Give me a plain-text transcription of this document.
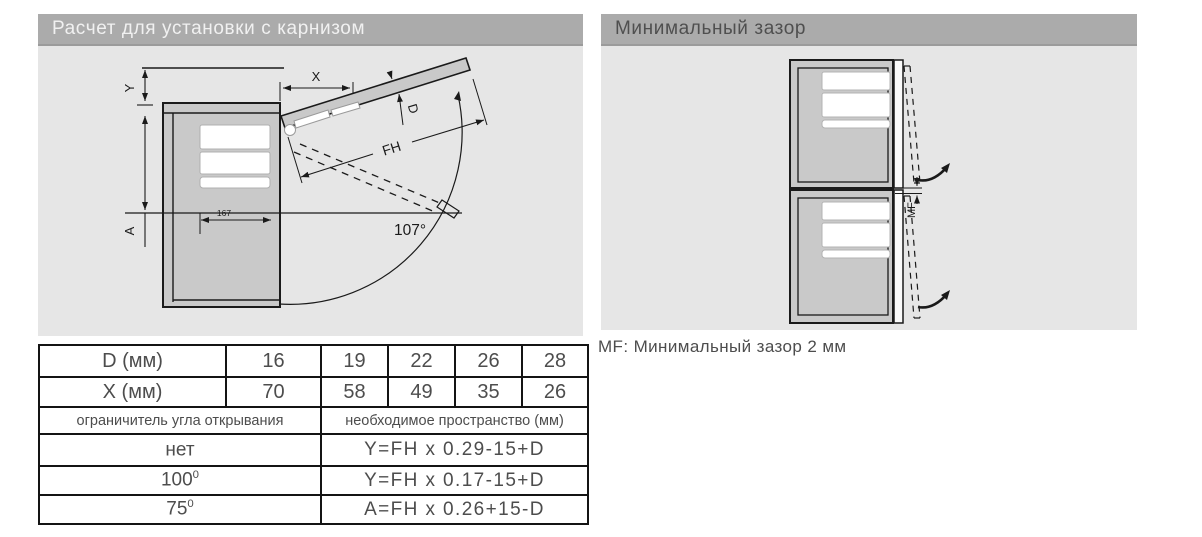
Расчет для установки с карнизом
Y
A
167
X
D
FH
107°
Минимальный зазор
MF
D (мм)	16	19	22	26	28
X (мм)	70	58	49	35	26
ограничитель угла открывания		необходимое пространство (мм)			
нет		Y=FH x 0.29-15+D			
$100^0$		Y=FH x 0.17-15+D			
$75^0$		A=FH x 0.26+15-D			
MF: Минимальный зазор 2 мм
